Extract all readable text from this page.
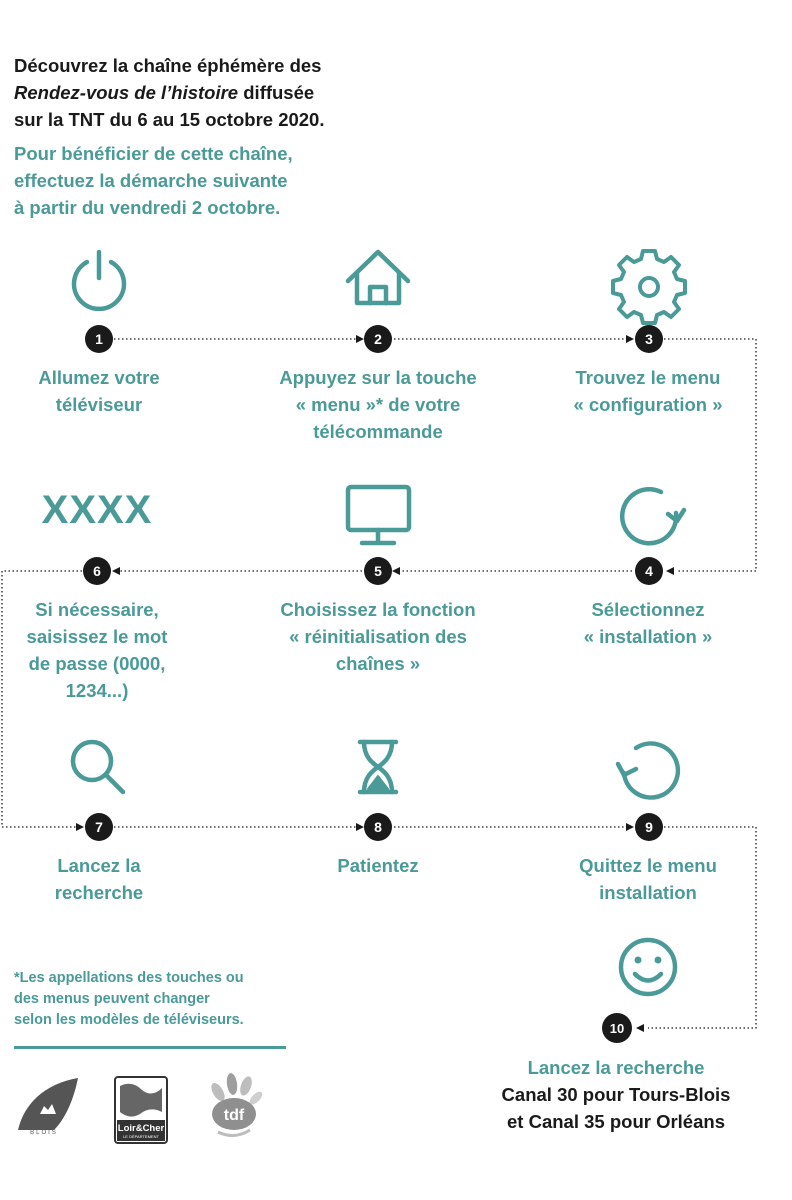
Découvrez la chaîne éphémère des
Rendez-vous de l’histoire diffusée
sur la TNT du 6 au 15 octobre 2020.
Pour bénéficier de cette chaîne,
effectuez la démarche suivante
à partir du vendredi 2 octobre.
1	2	3
4
5
6
7	8	9
10
XXXX
Allumez votre
téléviseur
Appuyez sur la touche
« menu »* de votre
télécommande
Trouvez le menu
« configuration »
Sélectionnez
« installation »
Choisissez la fonction
« réinitialisation des
chaînes »
Si nécessaire,
saisissez le mot
de passe (0000,
1234...)
Lancez la
recherche
Patientez	Quittez le menu
installation
Lancez la recherche
Canal 30 pour Tours-Blois
et Canal 35 pour Orléans
*Les appellations des touches ou
des menus peuvent changer
selon les modèles de téléviseurs.
BLOIS	Loir&Cher
LE DÉPARTEMENT
tdf
